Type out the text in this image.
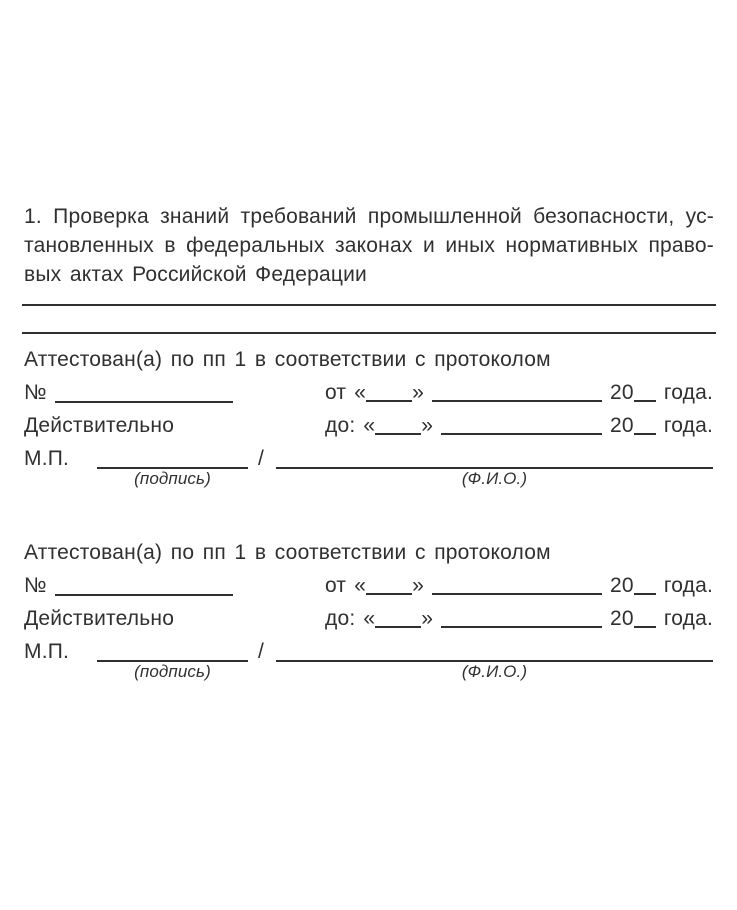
1. Проверка знаний требований промышленной безопасности, ус-
тановленных в федеральных законах и иных нормативных право-
вых актах Российской Федерации
Аттестован(а) по пп 1 в соответствии с протоколом
№	от « »	20	года.
Действительно	до: « »	20	года.
М.П.	/
(подпись)	(Ф.И.О.)
Аттестован(а) по пп 1 в соответствии с протоколом
№	от « »	20	года.
Действительно	до: « »	20	года.
М.П.	/
(подпись)	(Ф.И.О.)
